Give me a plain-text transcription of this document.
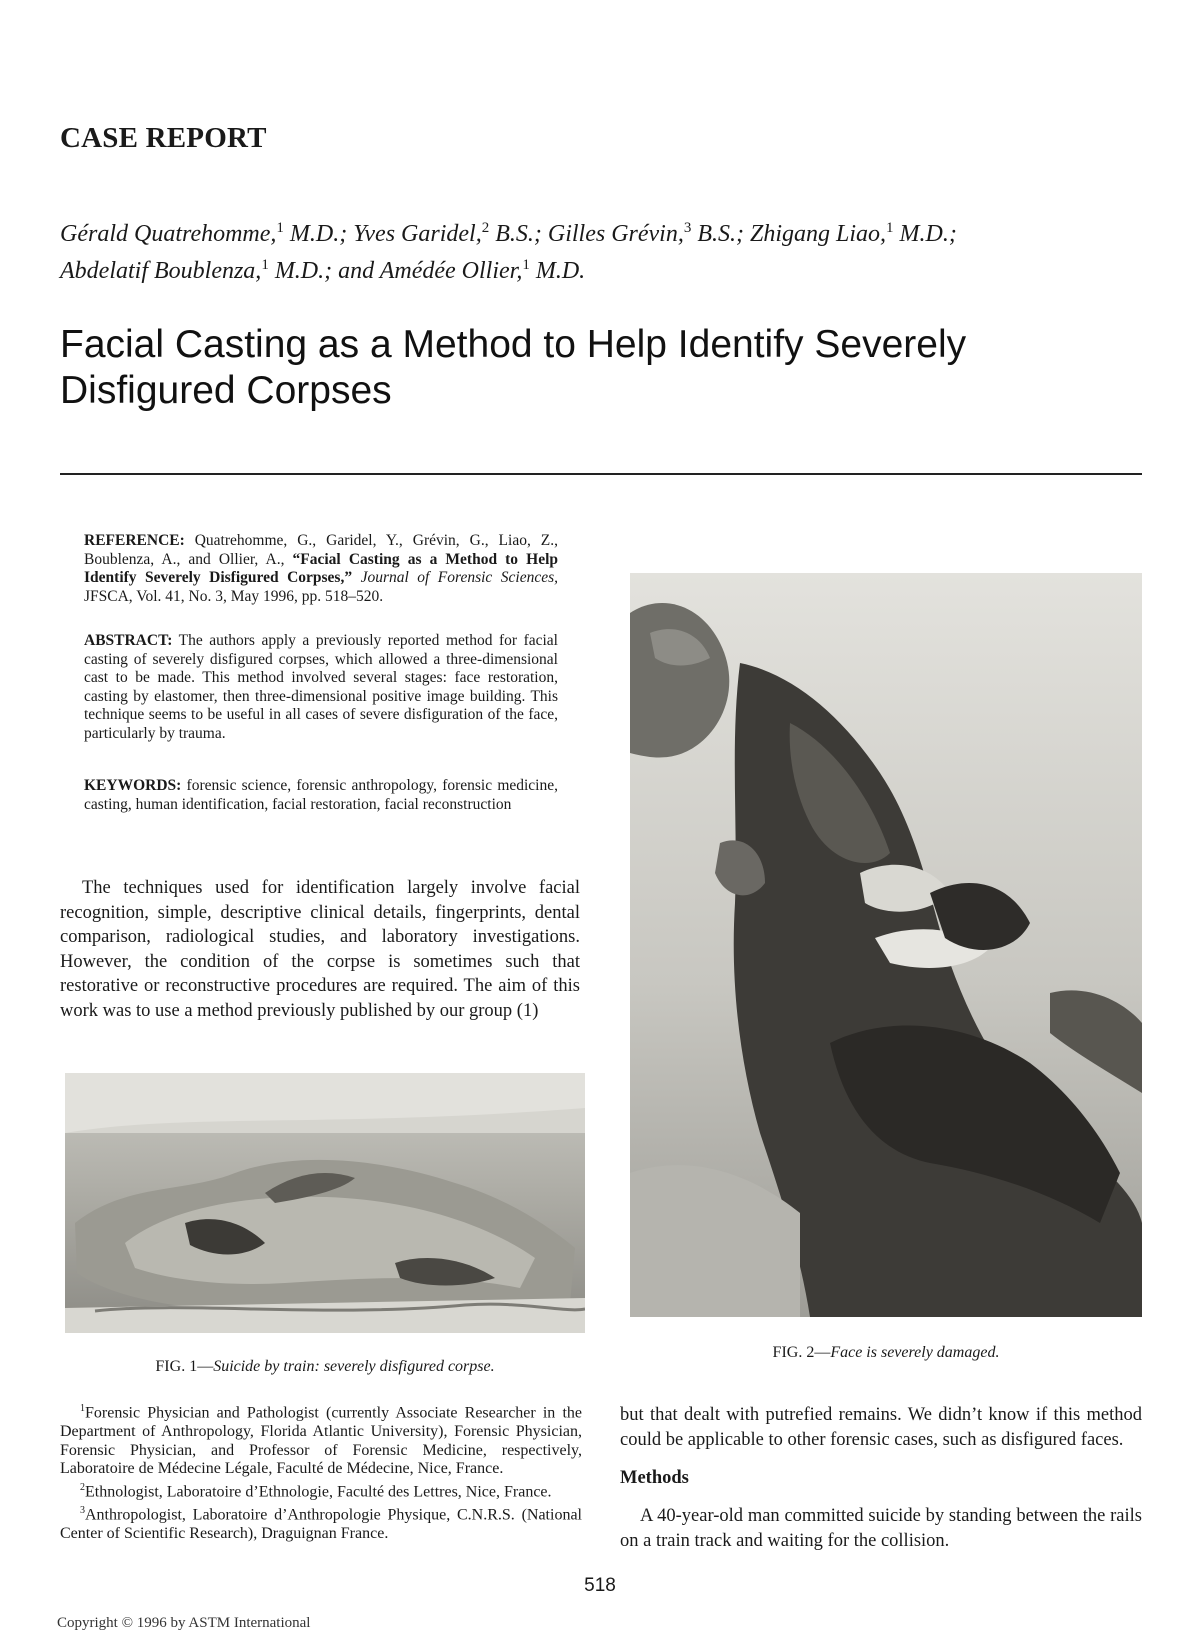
CASE REPORT
Gérald Quatrehomme,$^1$ M.D.; Yves Garidel,$^2$ B.S.; Gilles Grévin,$^3$ B.S.; Zhigang Liao,$^1$ M.D.;
Abdelatif Boublenza,$^1$ M.D.; and Amédée Ollier,$^1$ M.D.
Facial Casting as a Method to Help Identify Severely Disfigured Corpses
REFERENCE: Quatrehomme, G., Garidel, Y., Grévin, G., Liao, Z., Boublenza, A., and Ollier, A., “Facial Casting as a Method to Help Identify Severely Disfigured Corpses,” Journal of Forensic Sciences, JFSCA, Vol. 41, No. 3, May 1996, pp. 518–520.
ABSTRACT: The authors apply a previously reported method for facial casting of severely disfigured corpses, which allowed a three-dimensional cast to be made. This method involved several stages: face restoration, casting by elastomer, then three-dimensional positive image building. This technique seems to be useful in all cases of severe disfiguration of the face, particularly by trauma.
KEYWORDS: forensic science, forensic anthropology, forensic medicine, casting, human identification, facial restoration, facial reconstruction

The techniques used for identification largely involve facial recognition, simple, descriptive clinical details, fingerprints, dental comparison, radiological studies, and laboratory investigations. However, the condition of the corpse is sometimes such that restorative or reconstructive procedures are required. The aim of this work was to use a method previously published by our group (1)

FIG. 1—Suicide by train: severely disfigured corpse.
FIG. 2—Face is severely damaged.
$^1$Forensic Physician and Pathologist (currently Associate Researcher in the Department of Anthropology, Florida Atlantic University), Forensic Physician, Forensic Physician, and Professor of Forensic Medicine, respectively, Laboratoire de Médecine Légale, Faculté de Médecine, Nice, France.
$^2$Ethnologist, Laboratoire d’Ethnologie, Faculté des Lettres, Nice, France.
$^3$Anthropologist, Laboratoire d’Anthropologie Physique, C.N.R.S. (National Center of Scientific Research), Draguignan France.

but that dealt with putrefied remains. We didn’t know if this method could be applicable to other forensic cases, such as disfigured faces.

Methods

A 40-year-old man committed suicide by standing between the rails on a train track and waiting for the collision.

518
Copyright © 1996 by ASTM International
